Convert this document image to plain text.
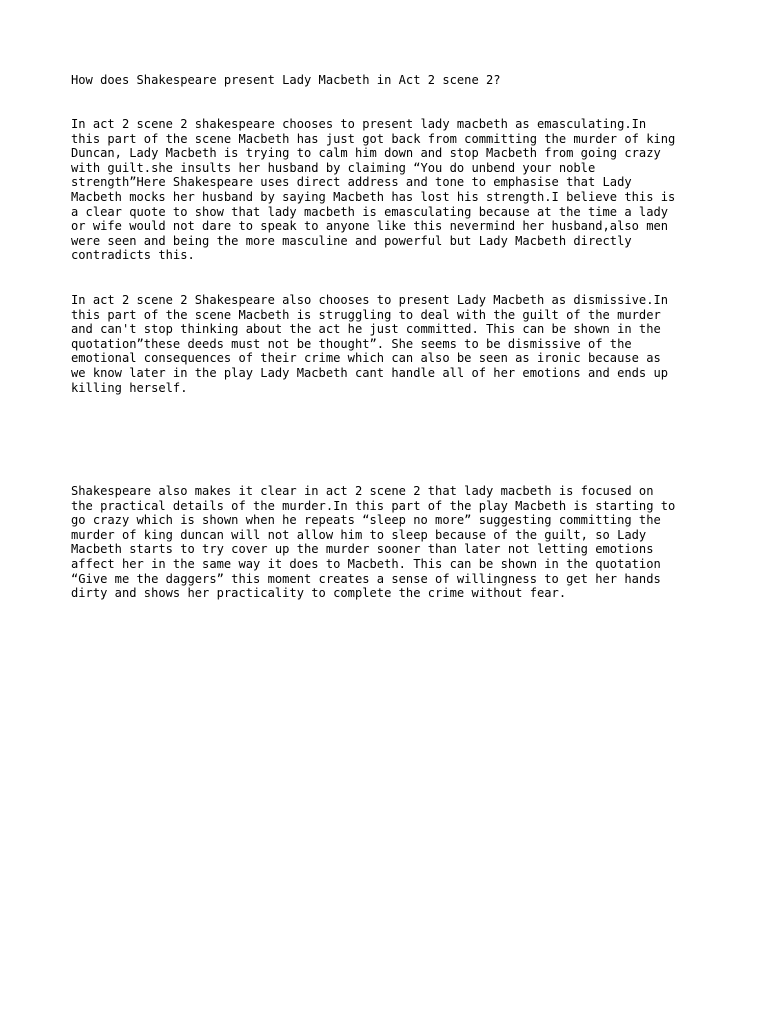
How does Shakespeare present Lady Macbeth in Act 2 scene 2?

In act 2 scene 2 shakespeare chooses to present lady macbeth as emasculating.In
this part of the scene Macbeth has just got back from committing the murder of king
Duncan, Lady Macbeth is trying to calm him down and stop Macbeth from going crazy
with guilt.she insults her husband by claiming “You do unbend your noble
strength”Here Shakespeare uses direct address and tone to emphasise that Lady
Macbeth mocks her husband by saying Macbeth has lost his strength.I believe this is
a clear quote to show that lady macbeth is emasculating because at the time a lady
or wife would not dare to speak to anyone like this nevermind her husband,also men
were seen and being the more masculine and powerful but Lady Macbeth directly
contradicts this.

In act 2 scene 2 Shakespeare also chooses to present Lady Macbeth as dismissive.In
this part of the scene Macbeth is struggling to deal with the guilt of the murder
and can't stop thinking about the act he just committed. This can be shown in the
quotation”these deeds must not be thought”. She seems to be dismissive of the
emotional consequences of their crime which can also be seen as ironic because as
we know later in the play Lady Macbeth cant handle all of her emotions and ends up
killing herself.

Shakespeare also makes it clear in act 2 scene 2 that lady macbeth is focused on
the practical details of the murder.In this part of the play Macbeth is starting to
go crazy which is shown when he repeats “sleep no more” suggesting committing the
murder of king duncan will not allow him to sleep because of the guilt, so Lady
Macbeth starts to try cover up the murder sooner than later not letting emotions
affect her in the same way it does to Macbeth. This can be shown in the quotation
“Give me the daggers” this moment creates a sense of willingness to get her hands
dirty and shows her practicality to complete the crime without fear.
